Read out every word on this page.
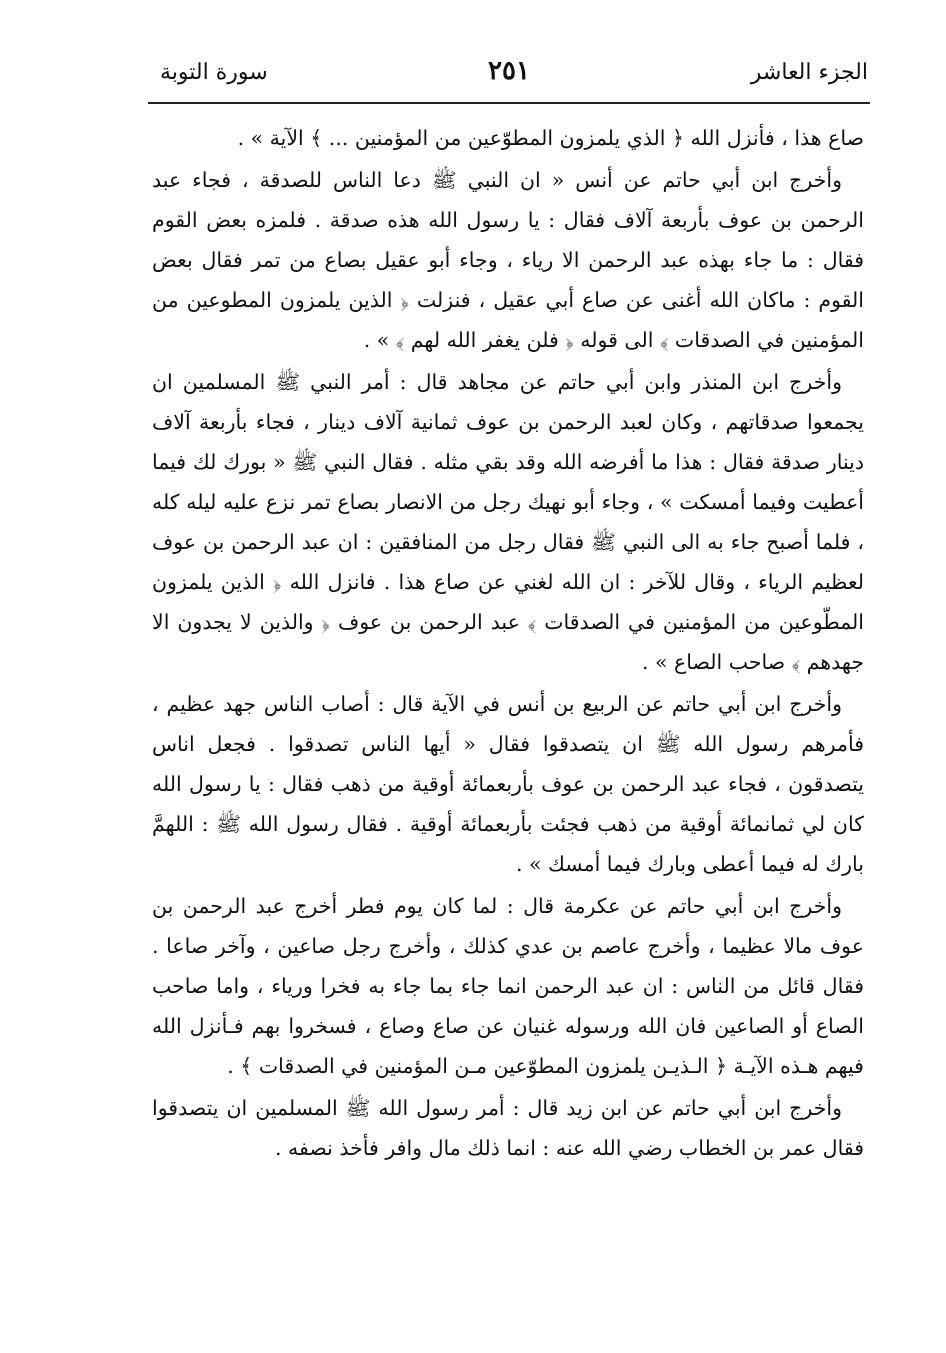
الجزء العاشر
٢٥١
سورة التوبة

صاع هذا ، فأنزل الله ﴿ الذي يلمزون المطوّعين من المؤمنين ... ﴾ الآية » .

وأخرج ابن أبي حاتم عن أنس « ان النبي ﷺ دعا الناس للصدقة ، فجاء عبد الرحمن بن عوف بأربعة آلاف فقال : يا رسول الله هذه صدقة . فلمزه بعض القوم فقال : ما جاء بهذه عبد الرحمن الا رياء ، وجاء أبو عقيل بصاع من تمر فقال بعض القوم : ماكان الله أغنى عن صاع أبي عقيل ، فنزلت ﴿ الذين يلمزون المطوعين من المؤمنين في الصدقات ﴾ الى قوله ﴿ فلن يغفر الله لهم ﴾ » .

وأخرج ابن المنذر وابن أبي حاتم عن مجاهد قال : أمر النبي ﷺ المسلمين ان يجمعوا صدقاتهم ، وكان لعبد الرحمن بن عوف ثمانية آلاف دينار ، فجاء بأربعة آلاف دينار صدقة فقال : هذا ما أفرضه الله وقد بقي مثله . فقال النبي ﷺ « بورك لك فيما أعطيت وفيما أمسكت » ، وجاء أبو نهيك رجل من الانصار بصاع تمر نزع عليه ليله كله ، فلما أصبح جاء به الى النبي ﷺ فقال رجل من المنافقين : ان عبد الرحمن بن عوف لعظيم الرياء ، وقال للآخر : ان الله لغني عن صاع هذا . فانزل الله ﴿ الذين يلمزون المطّوعين من المؤمنين في الصدقات ﴾ عبد الرحمن بن عوف ﴿ والذين لا يجدون الا جهدهم ﴾ صاحب الصاع » .

وأخرج ابن أبي حاتم عن الربيع بن أنس في الآية قال : أصاب الناس جهد عظيم ، فأمرهم رسول الله ﷺ ان يتصدقوا فقال « أيها الناس تصدقوا . فجعل اناس يتصدقون ، فجاء عبد الرحمن بن عوف بأربعمائة أوقية من ذهب فقال : يا رسول الله كان لي ثمانمائة أوقية من ذهب فجئت بأربعمائة أوقية . فقال رسول الله ﷺ : اللهمَّ بارك له فيما أعطى وبارك فيما أمسك » .

وأخرج ابن أبي حاتم عن عكرمة قال : لما كان يوم فطر أخرج عبد الرحمن بن عوف مالا عظيما ، وأخرج عاصم بن عدي كذلك ، وأخرج رجل صاعين ، وآخر صاعا . فقال قائل من الناس : ان عبد الرحمن انما جاء بما جاء به فخرا ورياء ، واما صاحب الصاع أو الصاعين فان الله ورسوله غنيان عن صاع وصاع ، فسخروا بهم فـأنزل الله فيهم هـذه الآيـة ﴿ الـذيـن يلمزون المطوّعين مـن المؤمنين في الصدقات ﴾ .

وأخرج ابن أبي حاتم عن ابن زيد قال : أمر رسول الله ﷺ المسلمين ان يتصدقوا فقال عمر بن الخطاب رضي الله عنه : انما ذلك مال وافر فأخذ نصفه .
